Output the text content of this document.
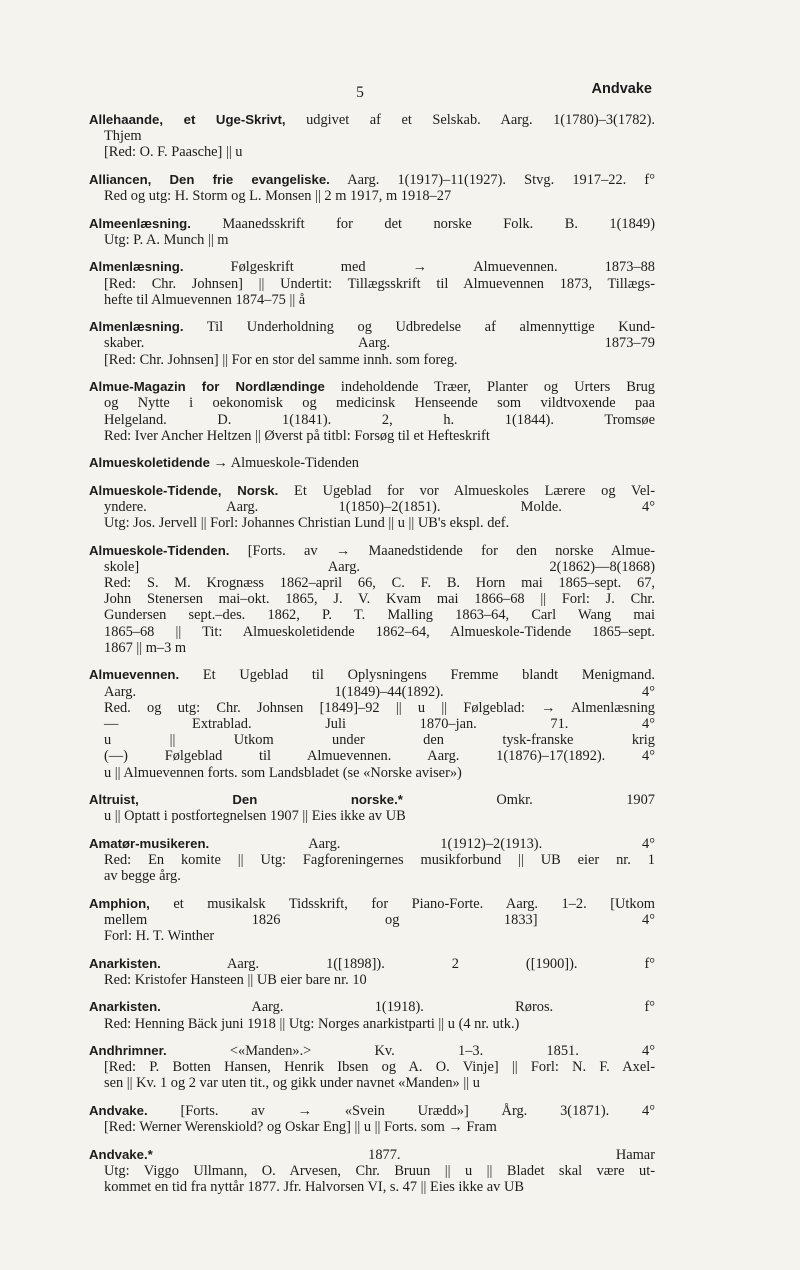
5	Andvake
Allehaande, et Uge-Skrivt, udgivet af et Selskab. Aarg. 1(1780)–3(1782).
Thjem
[Red: O. F. Paasche] || u
Alliancen, Den frie evangeliske. Aarg. 1(1917)–11(1927). Stvg. 1917–22. f°
Red og utg: H. Storm og L. Monsen || 2 m 1917, m 1918–27
Almeenlæsning. Maanedsskrift for det norske Folk. B. 1(1849)
Utg: P. A. Munch || m
Almenlæsning.	Følgeskrift med → Almuevennen. 1873–88
[Red: Chr. Johnsen] || Undertit: Tillægsskrift til Almuevennen 1873, Tillægs-
hefte til Almuevennen 1874–75 || å
Almenlæsning. Til Underholdning og Udbredelse af almennyttige Kund-
skaber. Aarg. 1873–79
[Red: Chr. Johnsen] || For en stor del samme innh. som foreg.
Almue-Magazin for Nordlændinge indeholdende Træer, Planter og Urters Brug
og Nytte i oekonomisk og medicinsk Henseende som vildtvoxende paa
Helgeland. D. 1(1841). 2, h. 1(1844). Tromsøe
Red: Iver Ancher Heltzen || Øverst på titbl: Forsøg til et Hefteskrift
Almueskoletidende → Almueskole-Tidenden
Almueskole-Tidende, Norsk. Et Ugeblad for vor Almueskoles Lærere og Vel-
yndere. Aarg. 1(1850)–2(1851). Molde. 4°
Utg: Jos. Jervell || Forl: Johannes Christian Lund || u || UB's ekspl. def.
Almueskole-Tidenden. [Forts. av → Maanedstidende for den norske Almue-
skole] Aarg. 2(1862)—8(1868)
Red: S. M. Krognæss 1862–april 66, C. F. B. Horn mai 1865–sept. 67,
John Stenersen mai–okt. 1865, J. V. Kvam mai 1866–68 || Forl: J. Chr.
Gundersen sept.–des. 1862, P. T. Malling 1863–64, Carl Wang mai
1865–68 || Tit: Almueskoletidende 1862–64, Almueskole-Tidende 1865–sept.
1867 || m–3 m
Almuevennen. Et Ugeblad til Oplysningens Fremme blandt Menigmand.
Aarg. 1(1849)–44(1892). 4°
Red. og utg: Chr. Johnsen [1849]–92 || u || Følgeblad: → Almenlæsning
— Extrablad. Juli 1870–jan. 71. 4°
u || Utkom under den tysk-franske krig
(—) Følgeblad til Almuevennen. Aarg. 1(1876)–17(1892). 4°
u || Almuevennen forts. som Landsbladet (se «Norske aviser»)
Altruist, Den norske.*	Omkr. 1907
u || Optatt i postfortegnelsen 1907 || Eies ikke av UB
Amatør-musikeren.	Aarg. 1(1912)–2(1913). 4°
Red: En komite || Utg: Fagforeningernes musikforbund || UB eier nr. 1
av begge årg.
Amphion, et musikalsk Tidsskrift, for Piano-Forte. Aarg. 1–2. [Utkom
mellem 1826 og 1833] 4°
Forl: H. T. Winther
Anarkisten.	Aarg. 1([1898]). 2 ([1900]). f°
Red: Kristofer Hansteen || UB eier bare nr. 10
Anarkisten.	Aarg. 1(1918). Røros. f°
Red: Henning Bäck juni 1918 || Utg: Norges anarkistparti || u (4 nr. utk.)
Andhrimner.	<«Manden».> Kv. 1–3. 1851. 4°
[Red: P. Botten Hansen, Henrik Ibsen og A. O. Vinje] || Forl: N. F. Axel-
sen || Kv. 1 og 2 var uten tit., og gikk under navnet «Manden» || u
Andvake. [Forts. av → «Svein Urædd»] Årg. 3(1871). 4°
[Red: Werner Werenskiold? og Oskar Eng] || u || Forts. som → Fram
Andvake.*	1877. Hamar
Utg: Viggo Ullmann, O. Arvesen, Chr. Bruun || u || Bladet skal være ut-
kommet en tid fra nyttår 1877. Jfr. Halvorsen VI, s. 47 || Eies ikke av UB
